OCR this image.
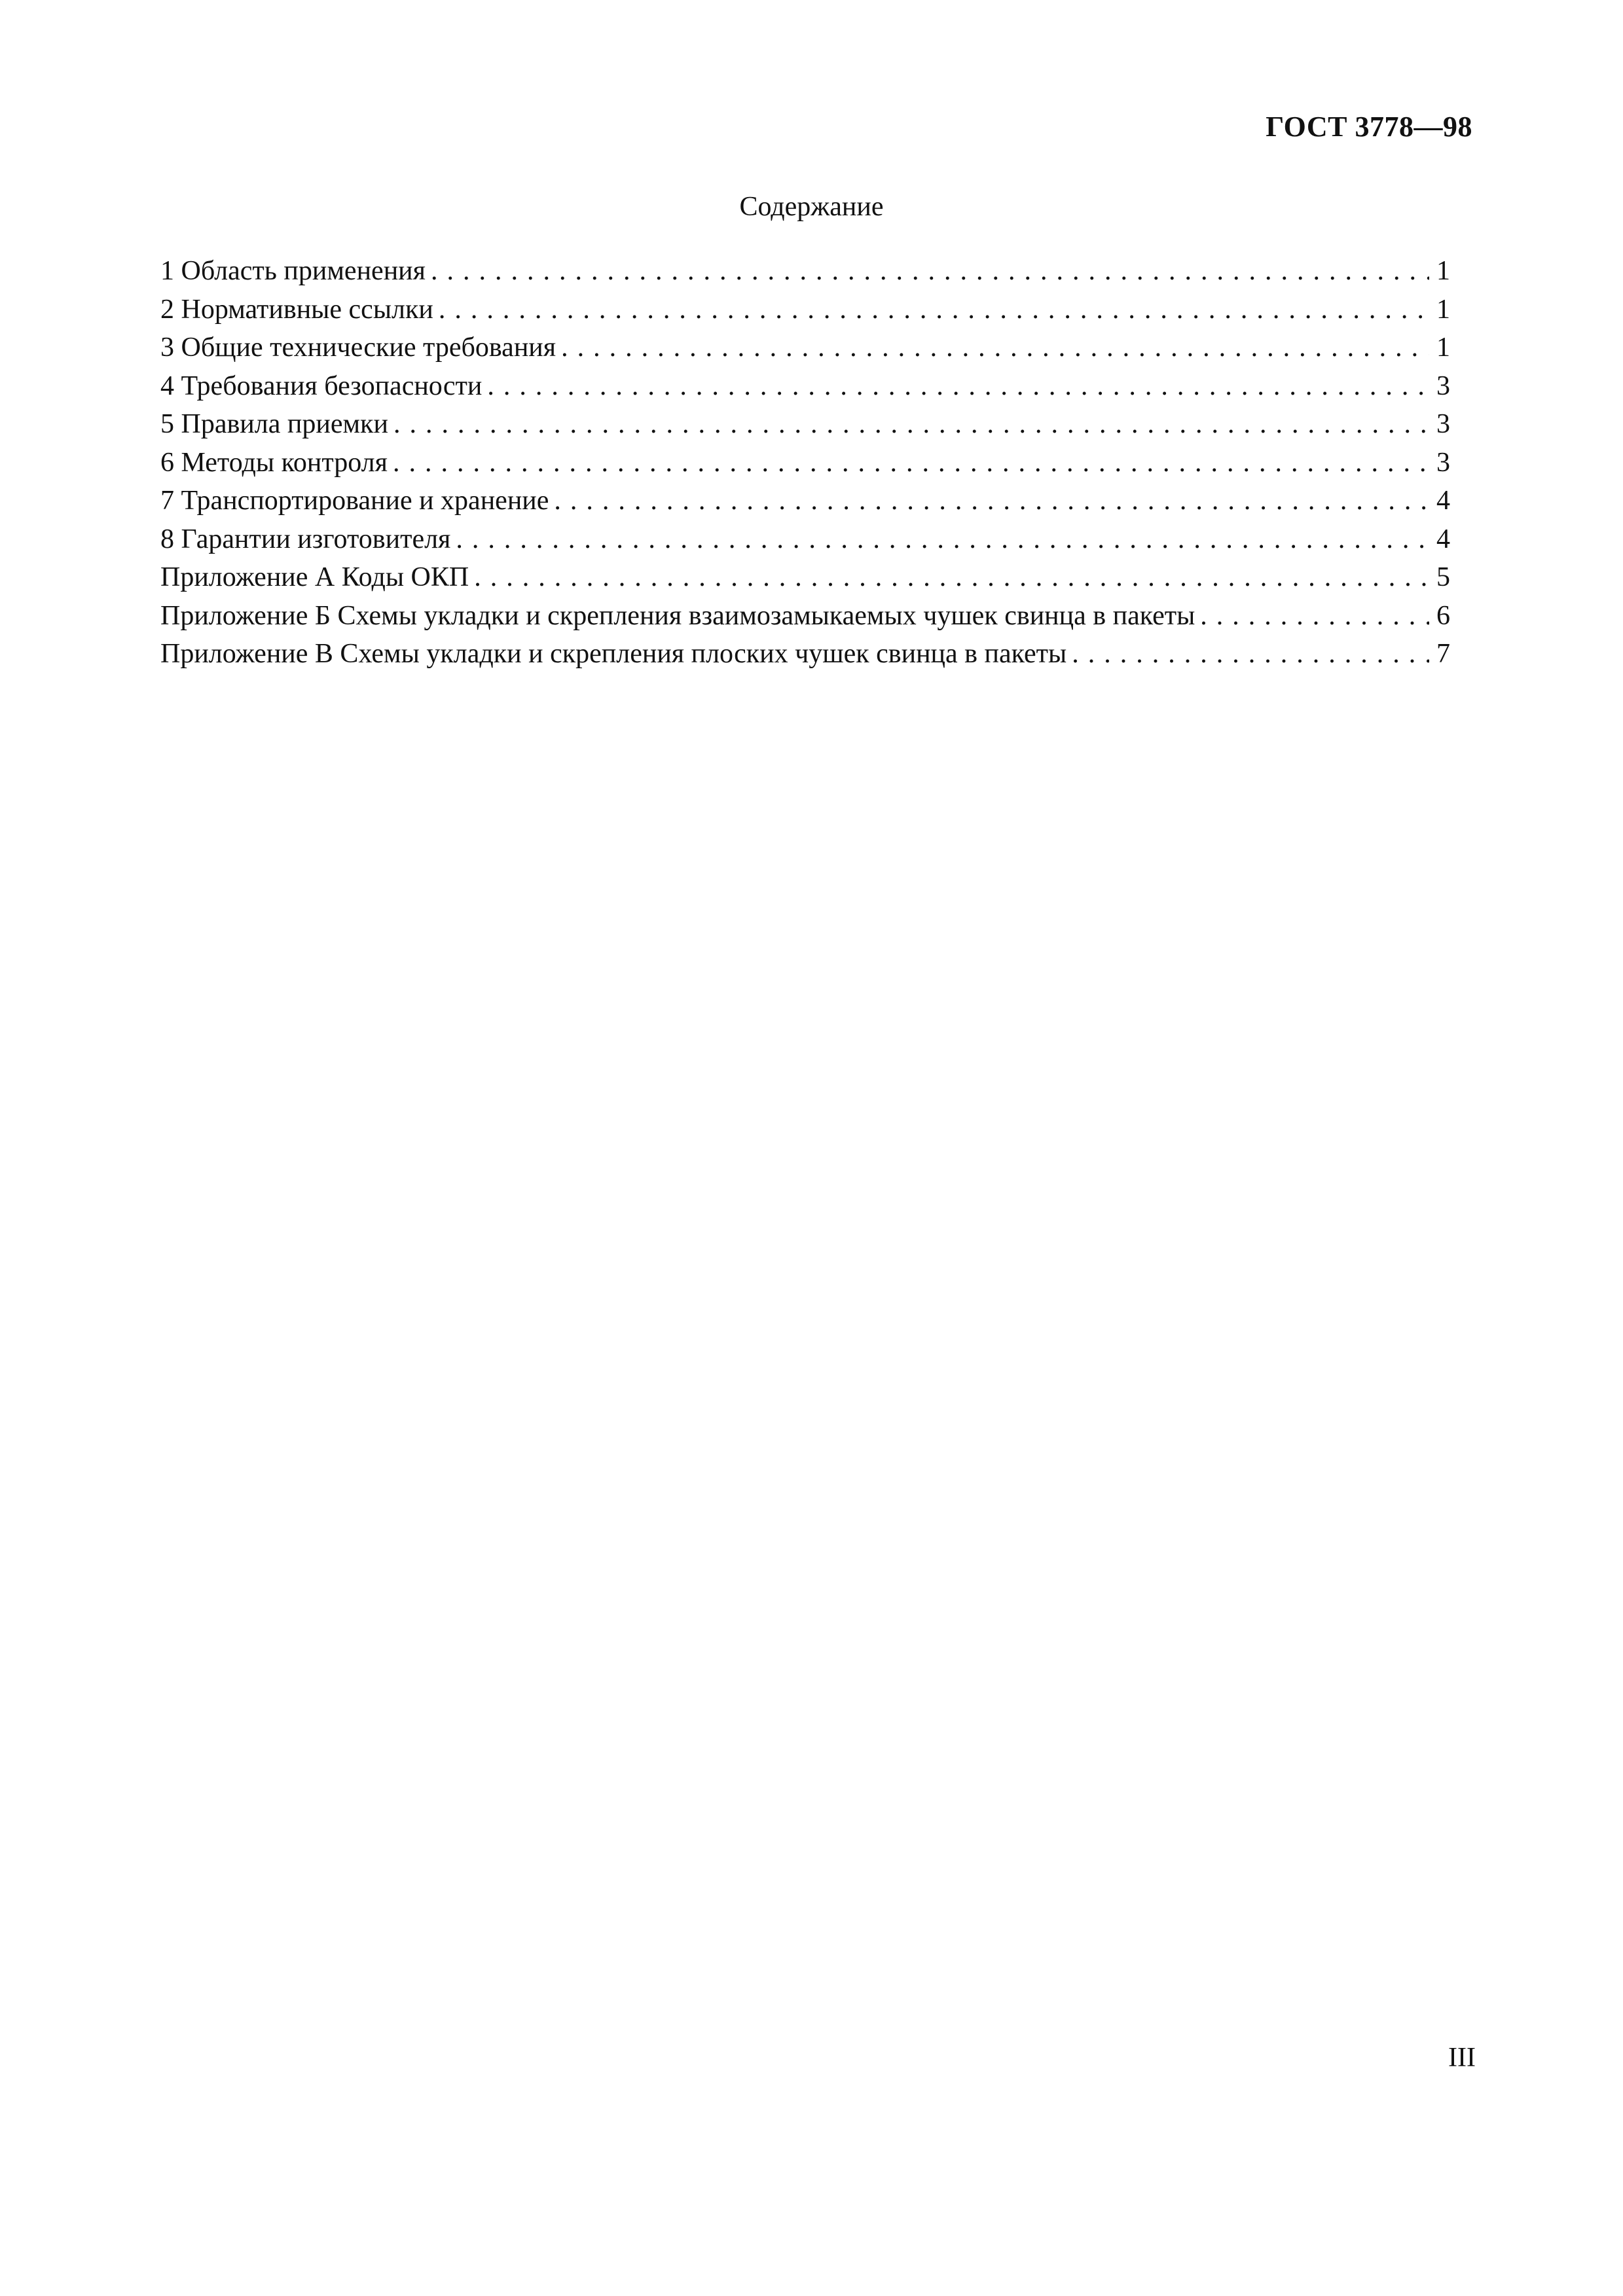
ГОСТ 3778—98
Содержание
1 Область применения .....	1
2 Нормативные ссылки .....	1
3 Общие технические требования .....	1
4 Требования безопасности .....	3
5 Правила приемки .....	3
6 Методы контроля .....	3
7 Транспортирование и хранение .....	4
8 Гарантии изготовителя .....	4
Приложение А Коды ОКП .....	5
Приложение Б Схемы укладки и скрепления взаимозамыкаемых чушек свинца в пакеты .....	6
Приложение В Схемы укладки и скрепления плоских чушек свинца в пакеты .....	7
III
